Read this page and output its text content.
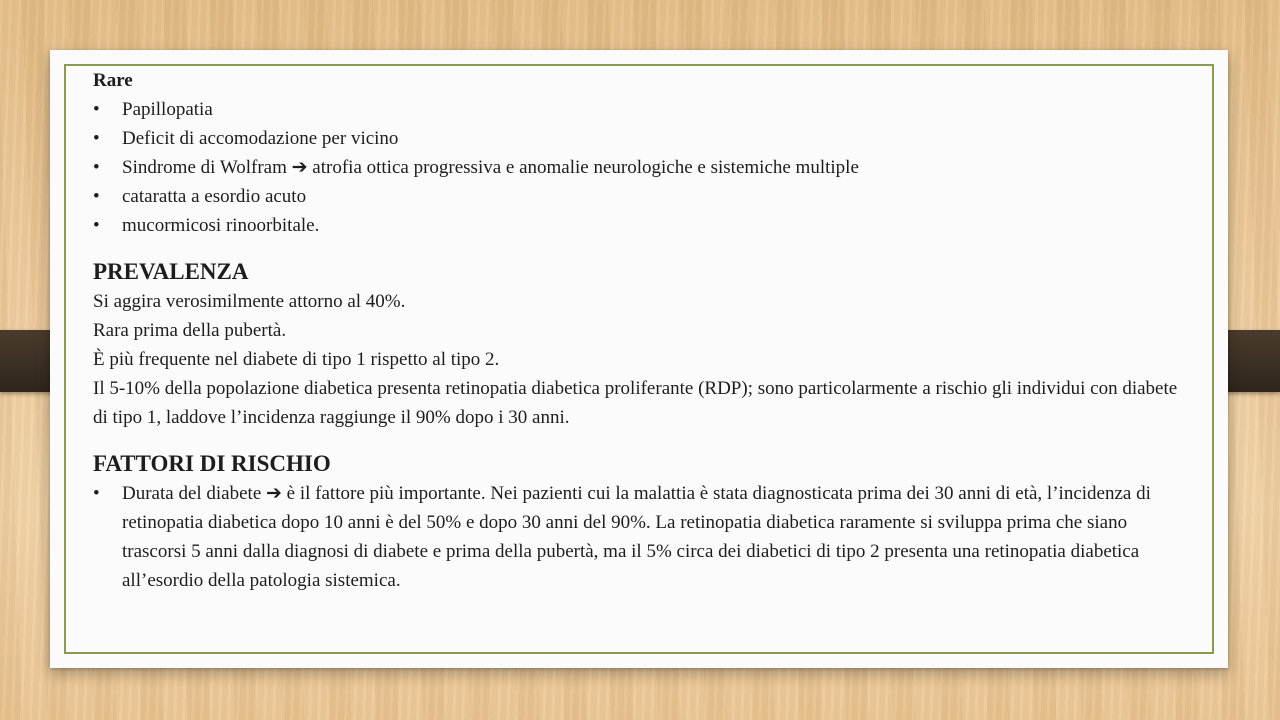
Rare

• Papillopatia
• Deficit di accomodazione per vicino
• Sindrome di Wolfram ➔ atrofia ottica progressiva e anomalie neurologiche e sistemiche multiple
• cataratta a esordio acuto
• mucormicosi rinoorbitale.

PREVALENZA

Si aggira verosimilmente attorno al 40%.

Rara prima della pubertà.

È più frequente nel diabete di tipo 1 rispetto al tipo 2.

Il 5-10% della popolazione diabetica presenta retinopatia diabetica proliferante (RDP); sono particolarmente a rischio gli individui con diabete di tipo 1, laddove l’incidenza raggiunge il 90% dopo i 30 anni.

FATTORI DI RISCHIO

• Durata del diabete ➔ è il fattore più importante. Nei pazienti cui la malattia è stata diagnosticata prima dei 30 anni di età, l’incidenza di retinopatia diabetica dopo 10 anni è del 50% e dopo 30 anni del 90%. La retinopatia diabetica raramente si sviluppa prima che siano trascorsi 5 anni dalla diagnosi di diabete e prima della pubertà, ma il 5% circa dei diabetici di tipo 2 presenta una retinopatia diabetica all’esordio della patologia sistemica.
